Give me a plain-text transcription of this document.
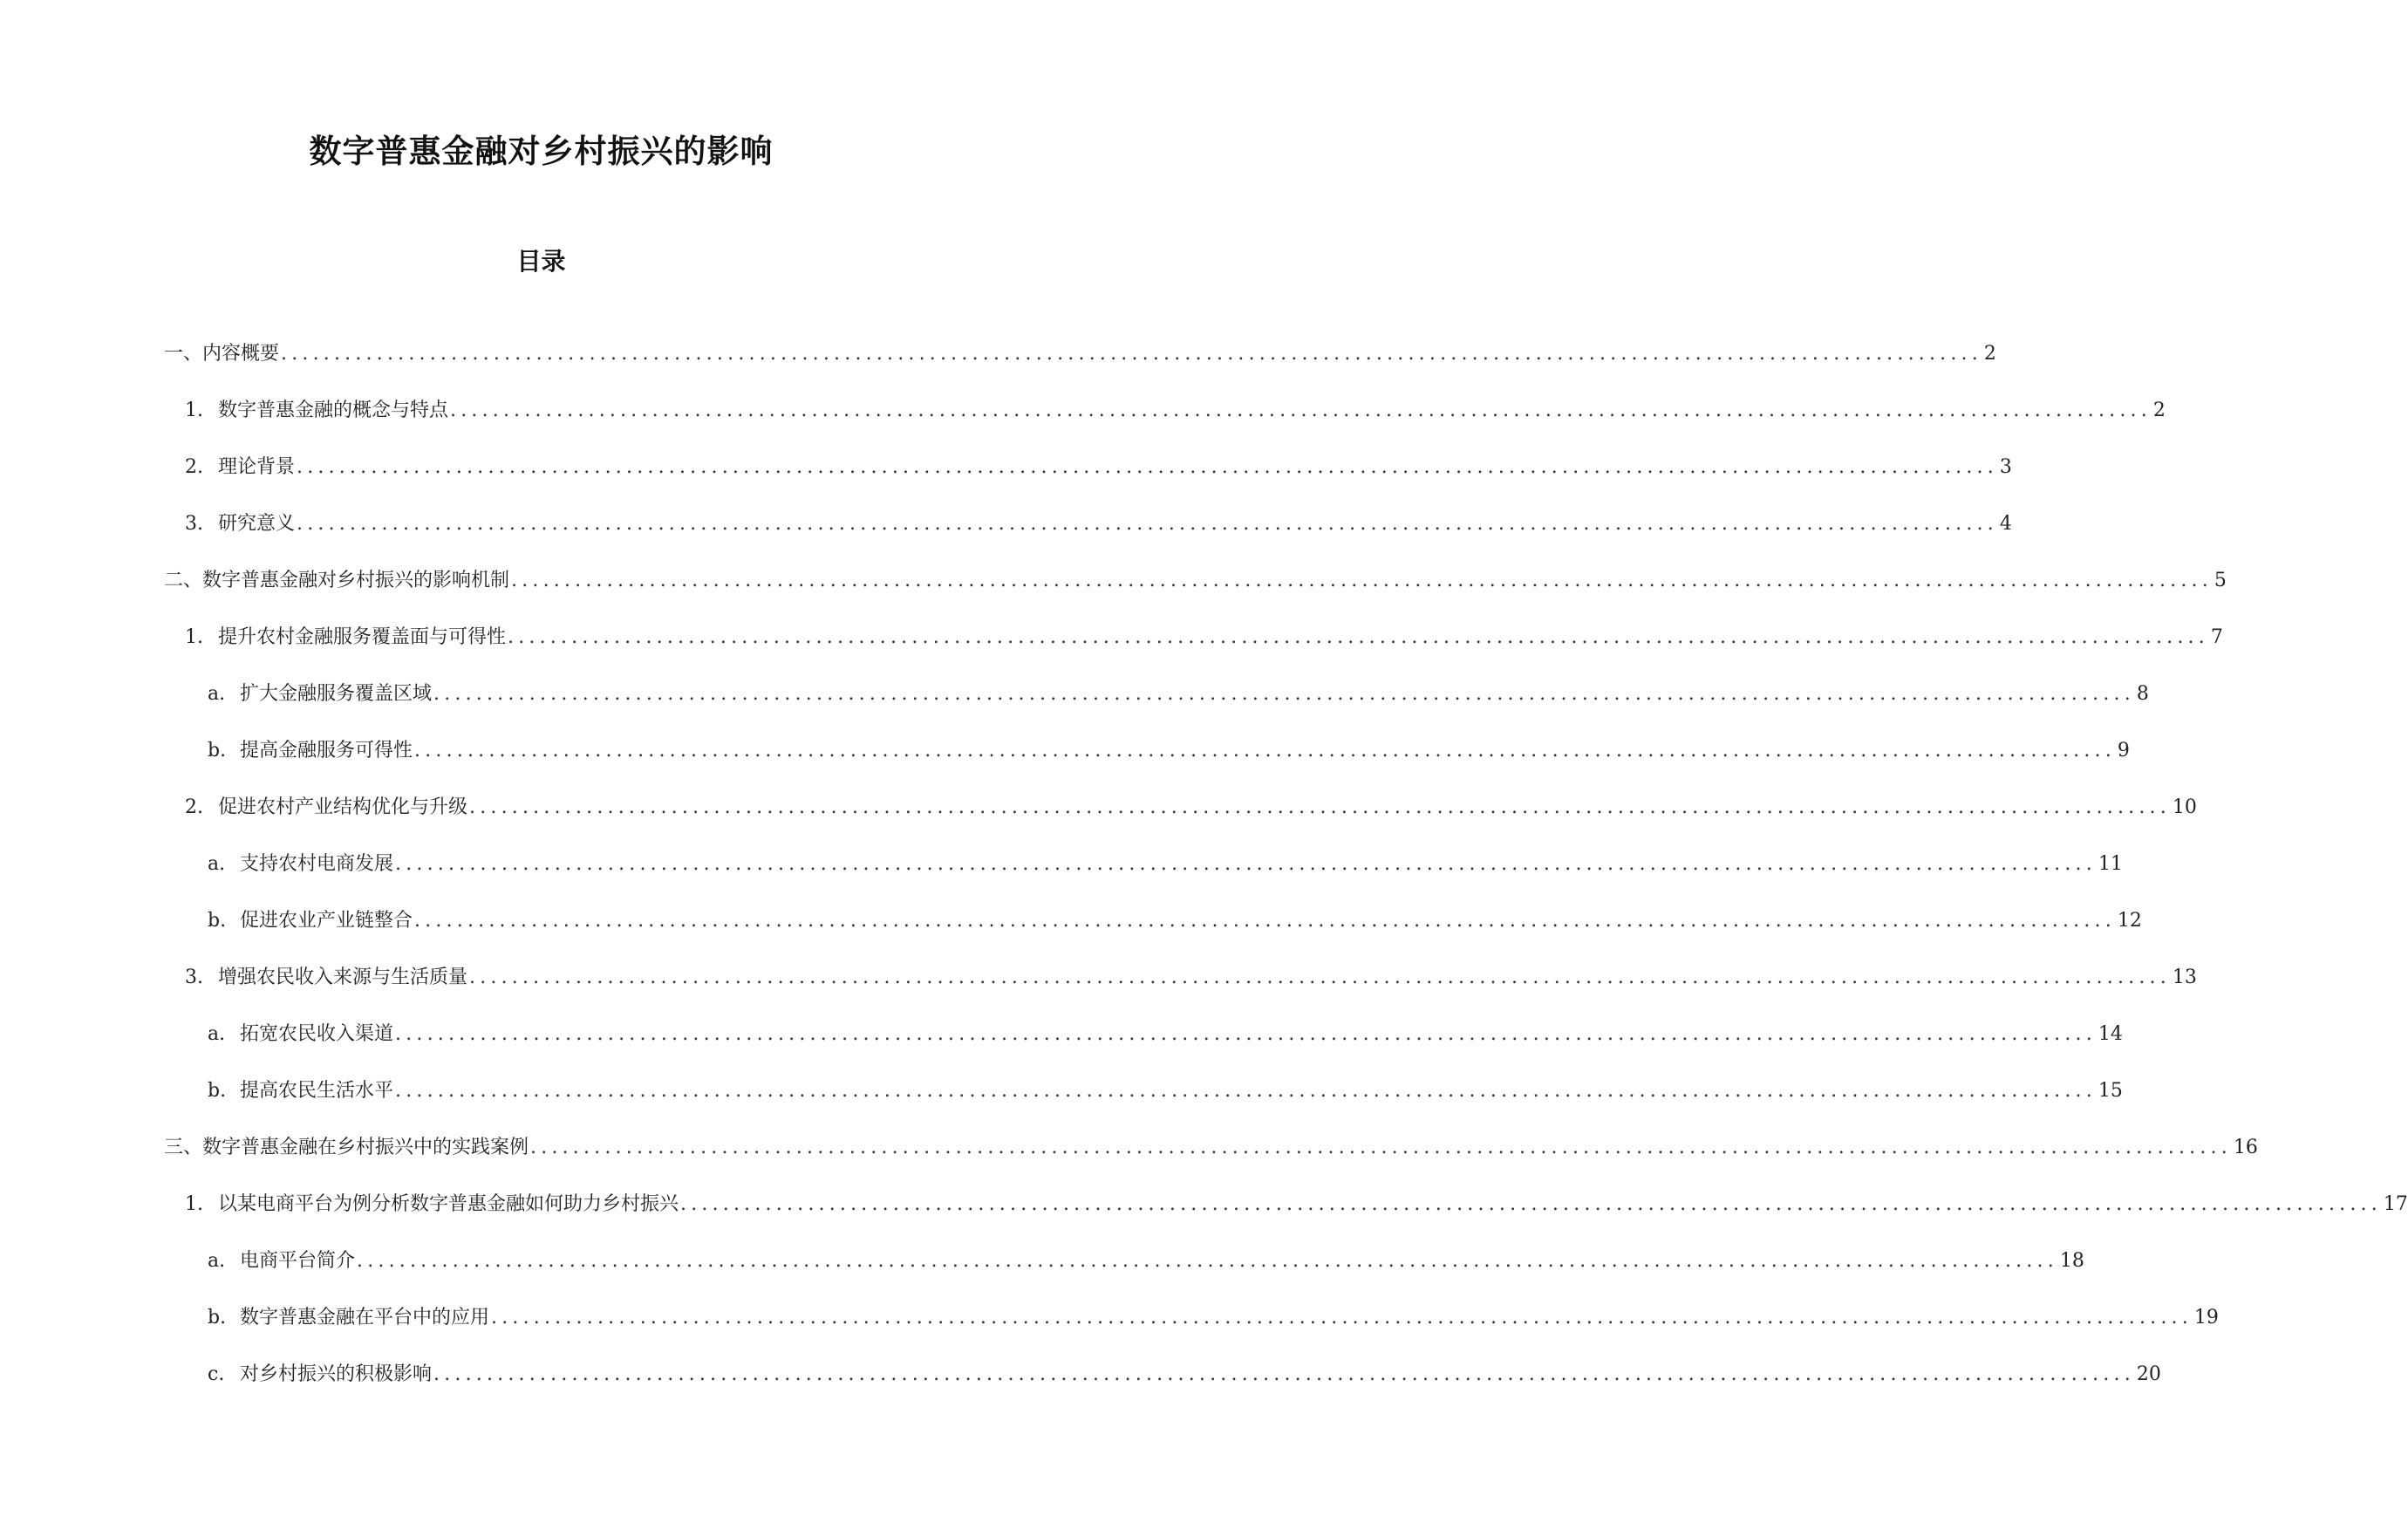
数字普惠金融对乡村振兴的影响
目录
一、内容概要 ................................................................................................................................................................ 2
1. 数字普惠金融的概念与特点 ................................................................................................................................................................ 2
2. 理论背景 ................................................................................................................................................................ 3
3. 研究意义 ................................................................................................................................................................ 4
二、数字普惠金融对乡村振兴的影响机制 ................................................................................................................................................................ 5
1. 提升农村金融服务覆盖面与可得性 ................................................................................................................................................................ 7
a. 扩大金融服务覆盖区域 ................................................................................................................................................................ 8
b. 提高金融服务可得性 ................................................................................................................................................................ 9
2. 促进农村产业结构优化与升级 ................................................................................................................................................................ 10
a. 支持农村电商发展 ................................................................................................................................................................ 11
b. 促进农业产业链整合 ................................................................................................................................................................ 12
3. 增强农民收入来源与生活质量 ................................................................................................................................................................ 13
a. 拓宽农民收入渠道 ................................................................................................................................................................ 14
b. 提高农民生活水平 ................................................................................................................................................................ 15
三、数字普惠金融在乡村振兴中的实践案例 ................................................................................................................................................................ 16
1. 以某电商平台为例分析数字普惠金融如何助力乡村振兴 ................................................................................................................................................................ 17
a. 电商平台简介 ................................................................................................................................................................ 18
b. 数字普惠金融在平台中的应用 ................................................................................................................................................................ 19
c. 对乡村振兴的积极影响 ................................................................................................................................................................ 20
